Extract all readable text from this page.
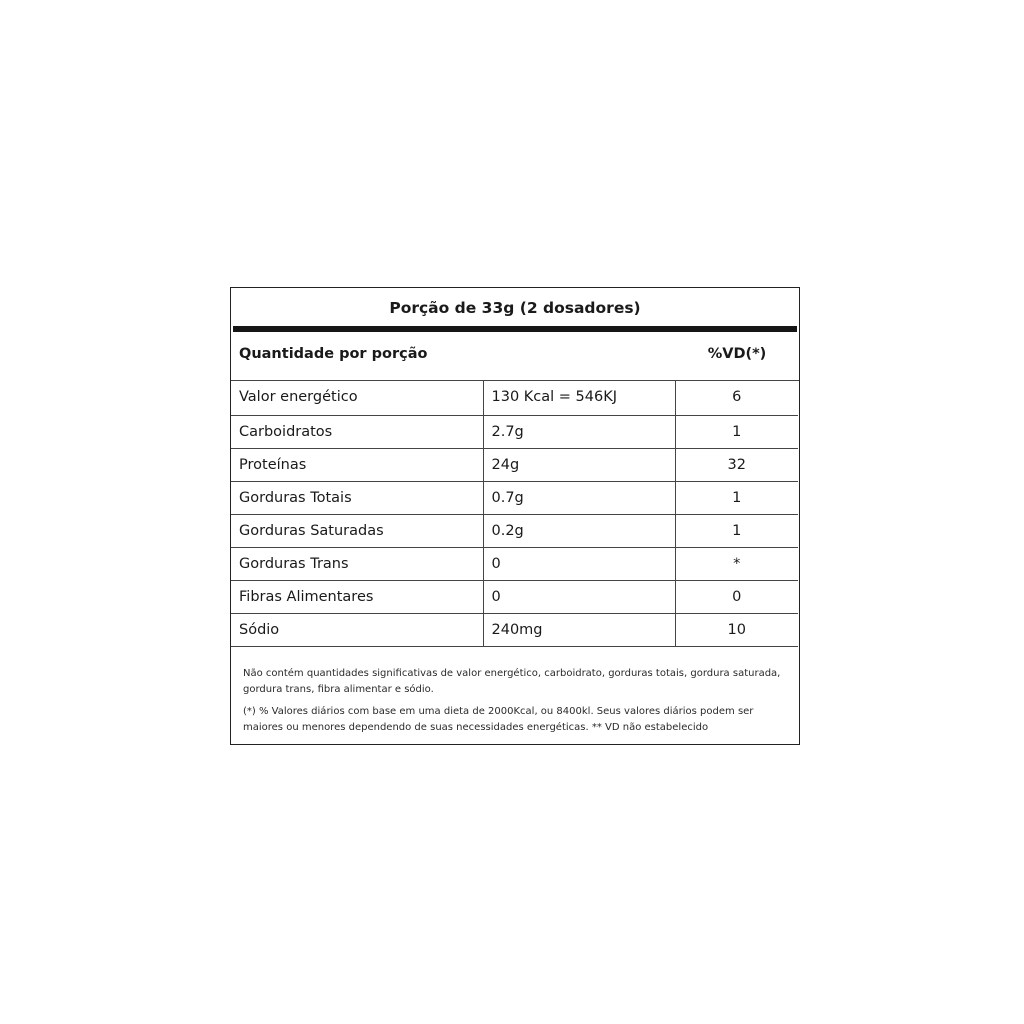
Porção de 33g (2 dosadores)
Quantidade por porção	%VD(*)
Valor energético	130 Kcal = 546KJ	6
Carboidratos	2.7g	1
Proteínas	24g	32
Gorduras Totais	0.7g	1
Gorduras Saturadas	0.2g	1
Gorduras Trans	0	*
Fibras Alimentares	0	0
Sódio	240mg	10

Não contém quantidades significativas de valor energético, carboidrato, gorduras totais, gordura saturada, gordura trans, fibra alimentar e sódio.

(*) % Valores diários com base em uma dieta de 2000Kcal, ou 8400kl. Seus valores diários podem ser maiores ou menores dependendo de suas necessidades energéticas. ** VD não estabelecido
